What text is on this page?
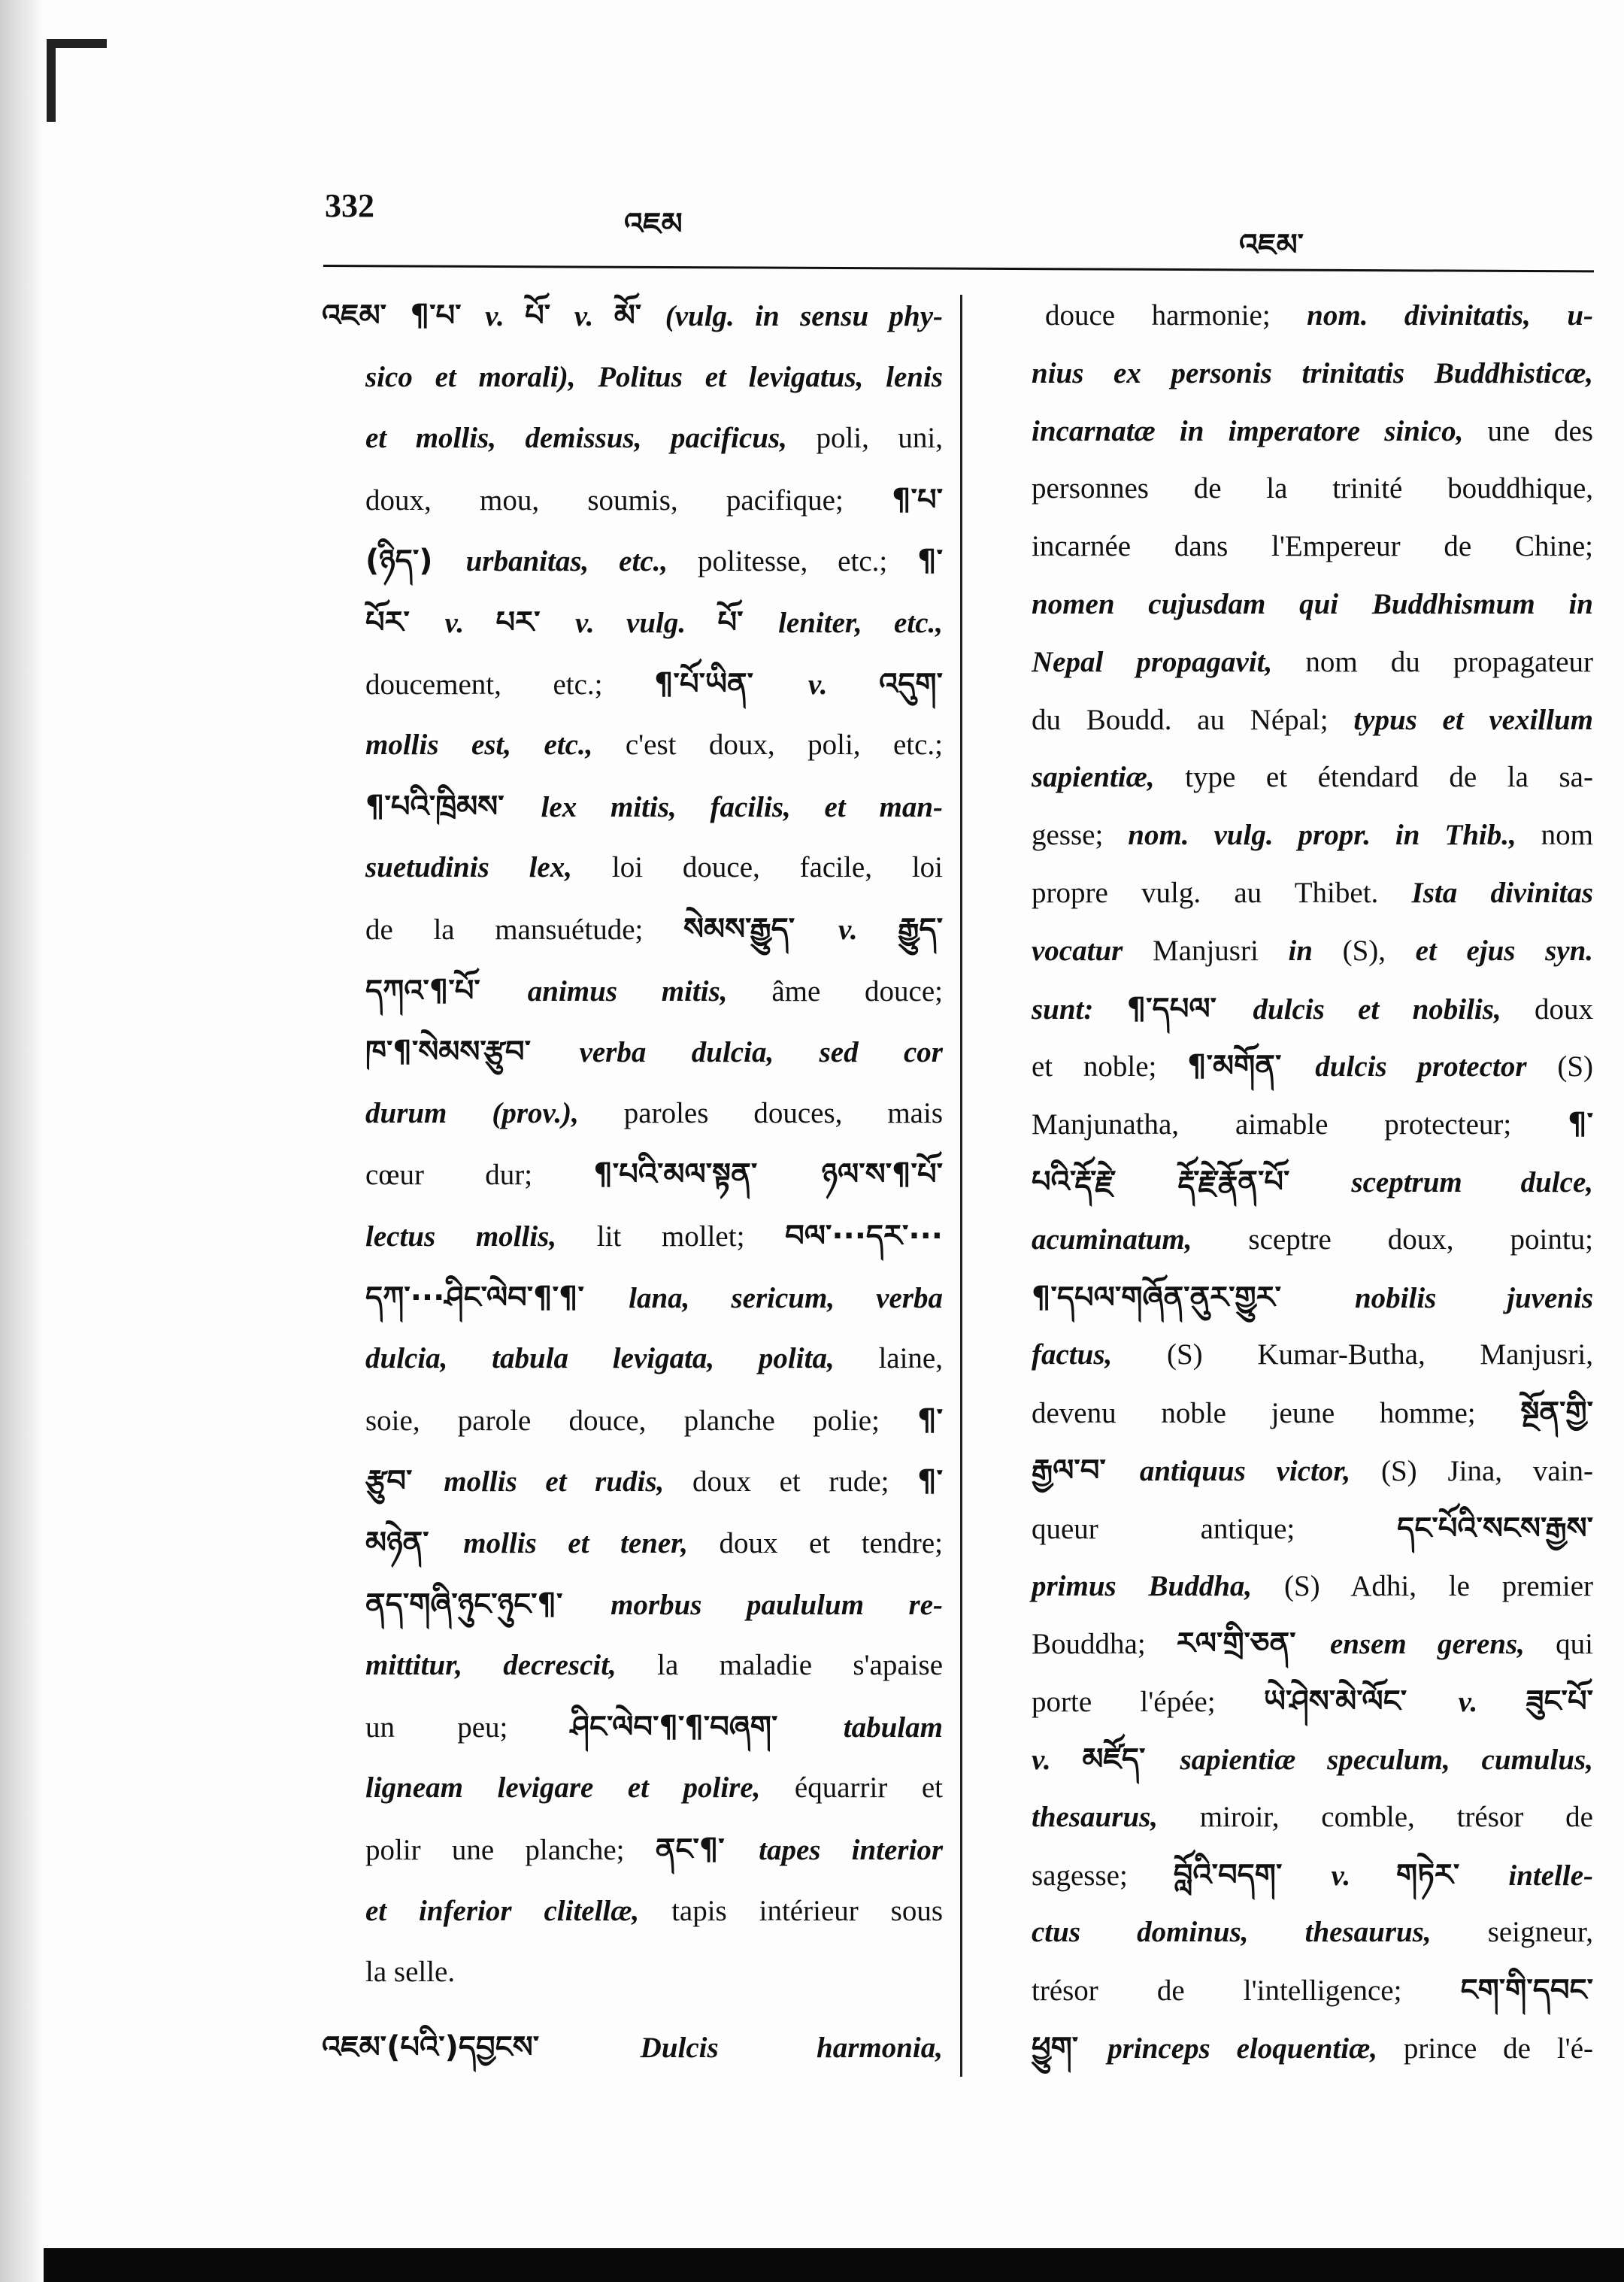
332	འཇམ
འཇམ་
འཇམ་ ¶་པ་ v. པོ་ v. མོ་ (vulg. in sensu phy-
sico et morali), Politus et levigatus, lenis
et mollis, demissus, pacificus, poli, uni,
doux, mou, soumis, pacifique; ¶་པ་
(ཉིད་) urbanitas, etc., politesse, etc.; ¶་
པོར་ v. པར་ v. vulg. པོ་ leniter, etc.,
doucement, etc.; ¶་པོ་ཡིན་ v. འདུག་
mollis est, etc., c'est doux, poli, etc.;
¶་པའི་ཁྲིམས་ lex mitis, facilis, et man-
suetudinis lex, loi douce, facile, loi
de la mansuétude; སེམས་རྒྱུད་ v. རྒྱུད་
དཀའ་¶་པོ་ animus mitis, âme douce;
ཁ་¶་སེམས་རྩུབ་ verba dulcia, sed cor
durum (prov.), paroles douces, mais
cœur dur; ¶་པའི་མལ་སྟན་ ཉལ་ས་¶་པོ་
lectus mollis, lit mollet; བལ་···དར་···
དཀ་···ཤིང་ལེབ་¶་¶་ lana, sericum, verba
dulcia, tabula levigata, polita, laine,
soie, parole douce, planche polie; ¶་
རྩུབ་ mollis et rudis, doux et rude; ¶་
མཉེན་ mollis et tener, doux et tendre;
ནད་གཞི་ཉུང་ཉུང་¶་ morbus paululum re-
mittitur, decrescit, la maladie s'apaise
un peu; ཤིང་ལེབ་¶་¶་བཞག་ tabulam
ligneam levigare et polire, équarrir et
polir une planche; ནང་¶་ tapes interior
et inferior clitellæ, tapis intérieur sous
la selle.
འཇམ་(པའི་)དབྱངས་ Dulcis harmonia,
douce harmonie; nom. divinitatis, u-
nius ex personis trinitatis Buddhisticæ,
incarnatæ in imperatore sinico, une des
personnes de la trinité bouddhique,
incarnée dans l'Empereur de Chine;
nomen cujusdam qui Buddhismum in
Nepal propagavit, nom du propagateur
du Boudd. au Népal; typus et vexillum
sapientiæ, type et étendard de la sa-
gesse; nom. vulg. propr. in Thib., nom
propre vulg. au Thibet. Ista divinitas
vocatur Manjusri in (S), et ejus syn.
sunt: ¶་དཔལ་ dulcis et nobilis, doux
et noble; ¶་མགོན་ dulcis protector (S)
Manjunatha, aimable protecteur; ¶་
པའི་རྡོ་རྗེ་ རྡོ་རྗེ་རྣོན་པོ་ sceptrum dulce,
acuminatum, sceptre doux, pointu;
¶་དཔལ་གཞོན་ནུར་གྱུར་ nobilis juvenis
factus, (S) Kumar-Butha, Manjusri,
devenu noble jeune homme; སྔོན་གྱི་
རྒྱལ་བ་ antiquus victor, (S) Jina, vain-
queur antique; དང་པོའི་སངས་རྒྱས་
primus Buddha, (S) Adhi, le premier
Bouddha; རལ་གྲི་ཅན་ ensem gerens, qui
porte l'épée; ཡེ་ཤེས་མེ་ལོང་ v. ཟུང་པོ་
v. མཛོད་ sapientiæ speculum, cumulus,
thesaurus, miroir, comble, trésor de
sagesse; བློའི་བདག་ v. གཏེར་ intelle-
ctus dominus, thesaurus, seigneur,
trésor de l'intelligence; ངག་གི་དབང་
ཕྱུག་ princeps eloquentiæ, prince de l'é-
